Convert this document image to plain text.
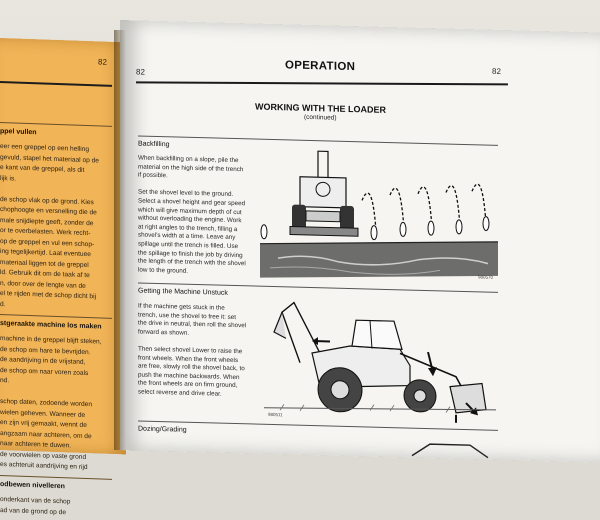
82
ppel vullen
eer een greppel op een helling
gevuld, stapel het materiaal op de
e kant van de greppel, als dit
lijk is.

de schop vlak op de grond. Kies
chophoogte en versnelling die de
male snijdiepte geeft, zonder de
or te overbelasten. Werk recht-
op de greppel en vul een schop-
ing tegelijkertijd. Laat eventuee
materiaal liggen tot de greppel
ld. Gebruik dit om de taak af te
n, door over de lengte van de
el te rijden met de schop dicht bij
d.
stgeraakte machine los maken
machine in de greppel blijft steken,
de schop om hare te bevrijden.
de aandrijving in de vrijstand,
de schop om naar voren zoals
nd.

schop daten, zodoende worden
wielen geheven. Wanneer de
en zijn vrij gemaakt, wennt de
angzaam naar achteren, om de
naar achteren te duwen.
de voorwielen op vaste grond
es achteruit aandrijving en rijd
odbewen nivelleren
onderkant van de schop
ad van de grond op de
82	OPERATION	82
WORKING WITH THE LOADER
(continued)
Backfilling
When backfilling on a slope, pile the
material on the high side of the trench
if possible.

Set the shovel level to the ground.
Select a shovel height and gear speed
which will give maximum depth of cut
without overloading the engine. Work
at right angles to the trench, filling a
shovel's width at a time. Leave any
spillage until the trench is filled. Use
the spillage to finish the job by driving
the length of the trench with the shovel
low to the ground.
980570
Getting the Machine Unstuck
If the machine gets stuck in the
trench, use the shovel to free it: set
the drive in neutral, then roll the shovel
forward as shown.

Then select shovel Lower to raise the
front wheels. When the front wheels
are free, slowly roll the shovel back, to
push the machine backwards. When
the front wheels are on firm ground,
select reverse and drive clear.
980511
Dozing/Grading
